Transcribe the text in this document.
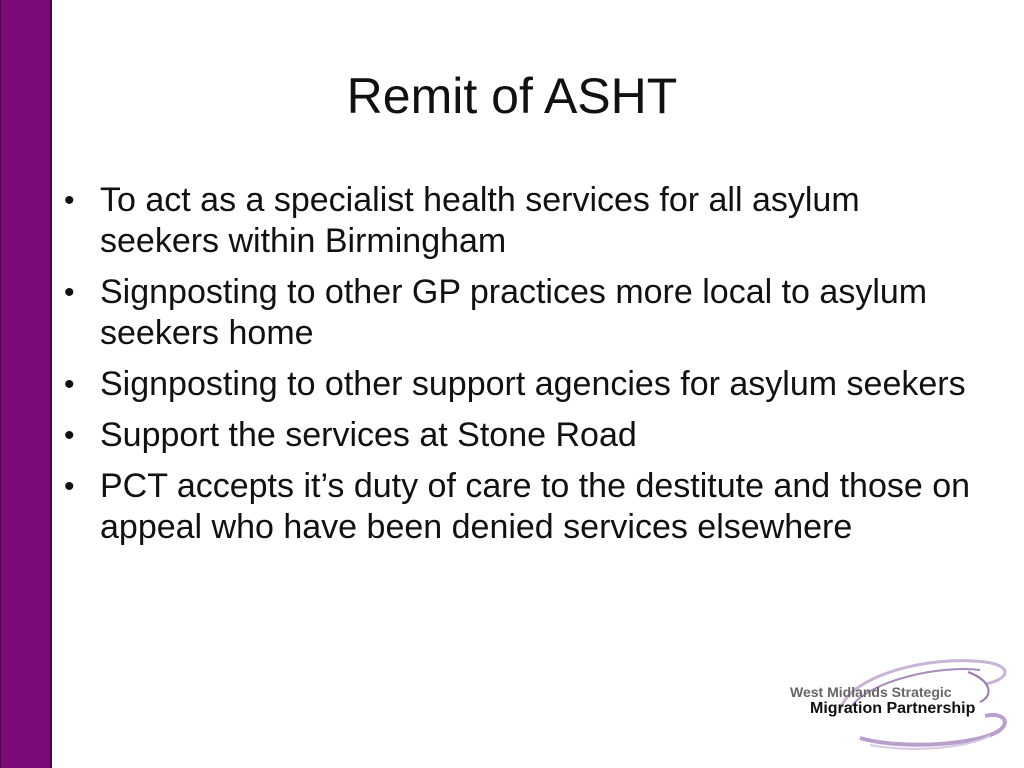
Remit of ASHT
• To act as a specialist health services for all asylum seekers within Birmingham
• Signposting to other GP practices more local to asylum seekers home
• Signposting to other support agencies for asylum seekers
• Support the services at Stone Road
• PCT accepts it’s duty of care to the destitute and those on appeal who have been denied services elsewhere
West Midlands Strategic
Migration Partnership
